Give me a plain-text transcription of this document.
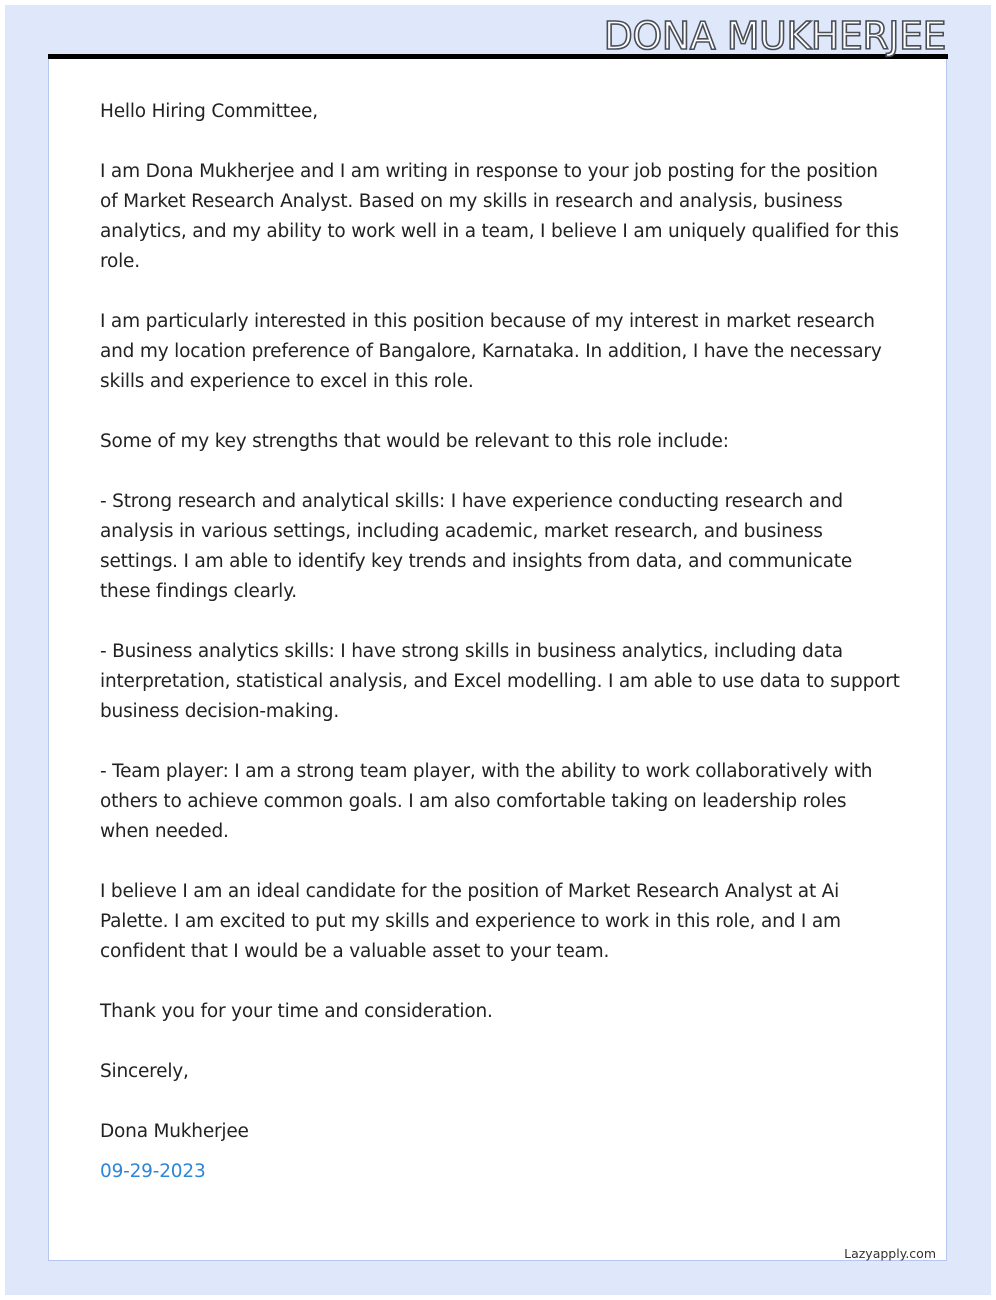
DONA MUKHERJEE

Hello Hiring Committee,

I am Dona Mukherjee and I am writing in response to your job posting for the position of Market Research Analyst. Based on my skills in research and analysis, business analytics, and my ability to work well in a team, I believe I am uniquely qualified for this role.

I am particularly interested in this position because of my interest in market research and my location preference of Bangalore, Karnataka. In addition, I have the necessary skills and experience to excel in this role.

Some of my key strengths that would be relevant to this role include:

- Strong research and analytical skills: I have experience conducting research and analysis in various settings, including academic, market research, and business settings. I am able to identify key trends and insights from data, and communicate these findings clearly.

- Business analytics skills: I have strong skills in business analytics, including data interpretation, statistical analysis, and Excel modelling. I am able to use data to support business decision-making.

- Team player: I am a strong team player, with the ability to work collaboratively with others to achieve common goals. I am also comfortable taking on leadership roles when needed.

I believe I am an ideal candidate for the position of Market Research Analyst at Ai Palette. I am excited to put my skills and experience to work in this role, and I am confident that I would be a valuable asset to your team.

Thank you for your time and consideration.

Sincerely,

Dona Mukherjee

09-29-2023

Lazyapply.com
